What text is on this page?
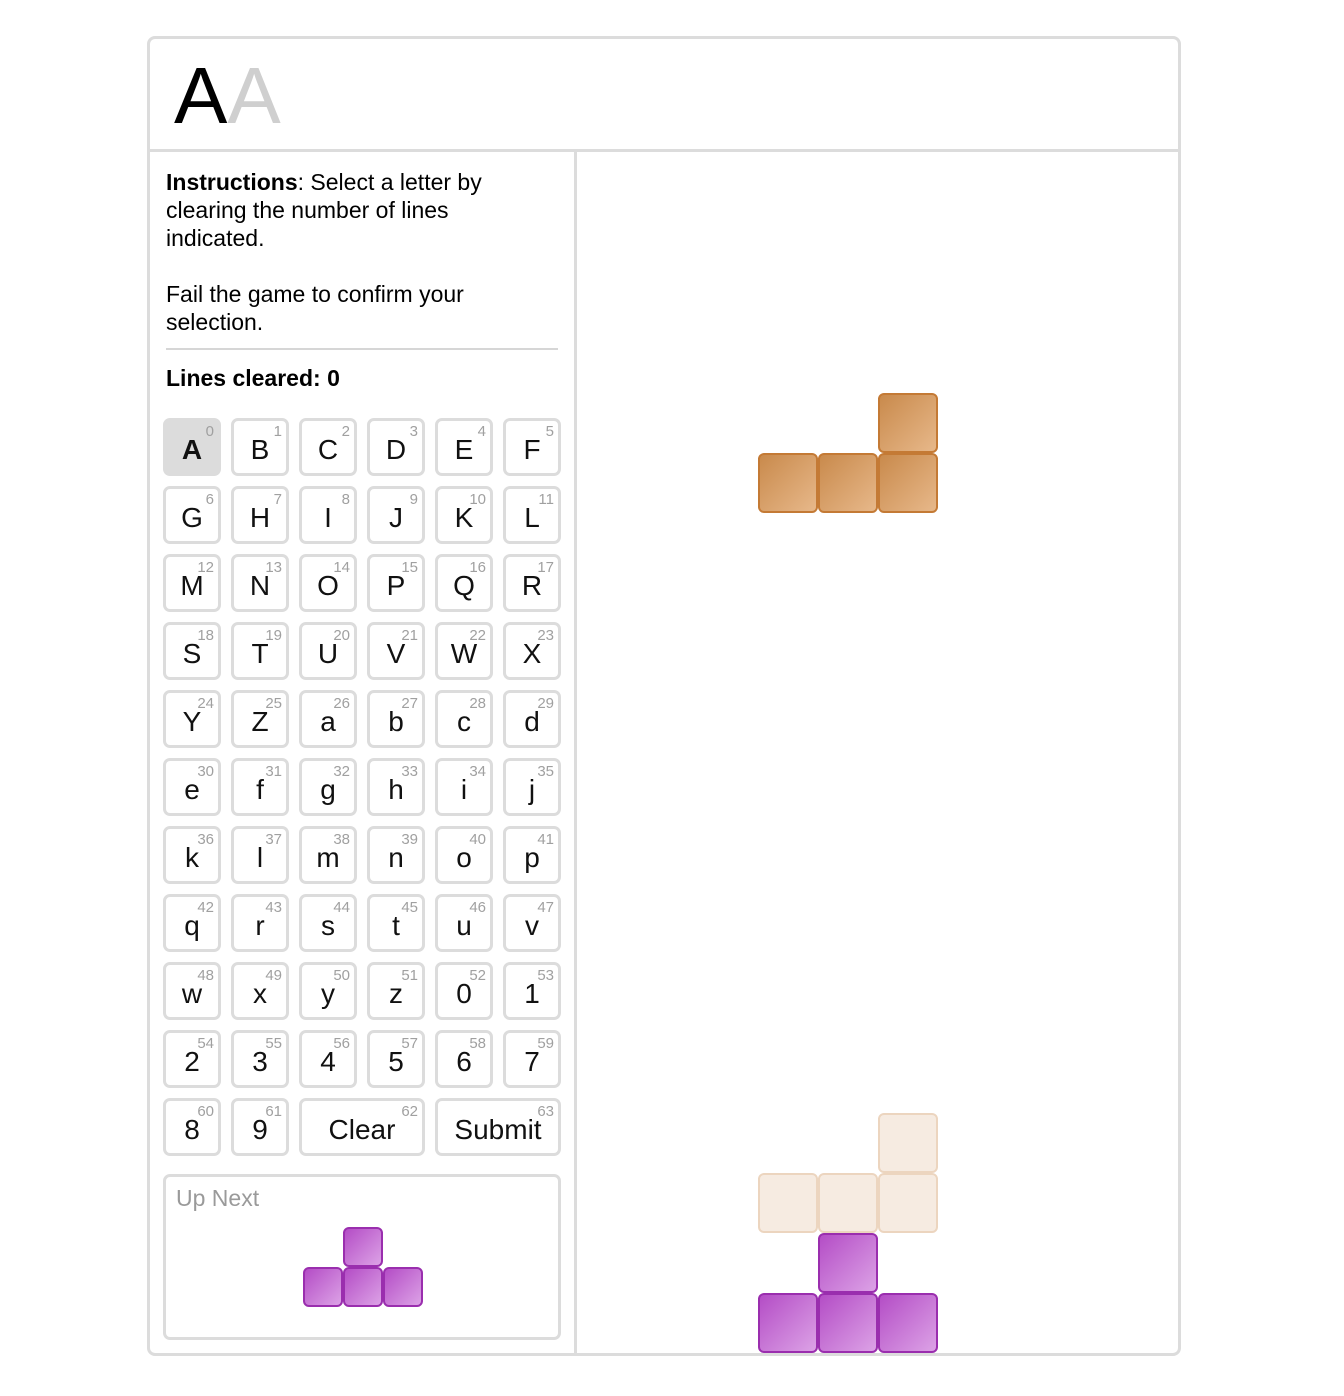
AA

Instructions: Select a letter by clearing the number of lines indicated.

Fail the game to confirm your selection.

Lines cleared: 0
A
0
B
1
C
2
D
3
E
4
F
5
G
6
H
7
I
8
J
9
K
10
L
11
M
12
N
13
O
14
P
15
Q
16
R
17
S
18
T
19
U
20
V
21
W
22
X
23
Y
24
Z
25
a
26
b
27
c
28
d
29
e
30
f
31
g
32
h
33
i
34
j
35
k
36
l
37
m
38
n
39
o
40
p
41
q
42
r
43
s
44
t
45
u
46
v
47
w
48
x
49
y
50
z
51
0
52
1
53
2
54
3
55
4
56
5
57
6
58
7
59
8
60
9
61
Clear
62
Submit
63
Up Next
